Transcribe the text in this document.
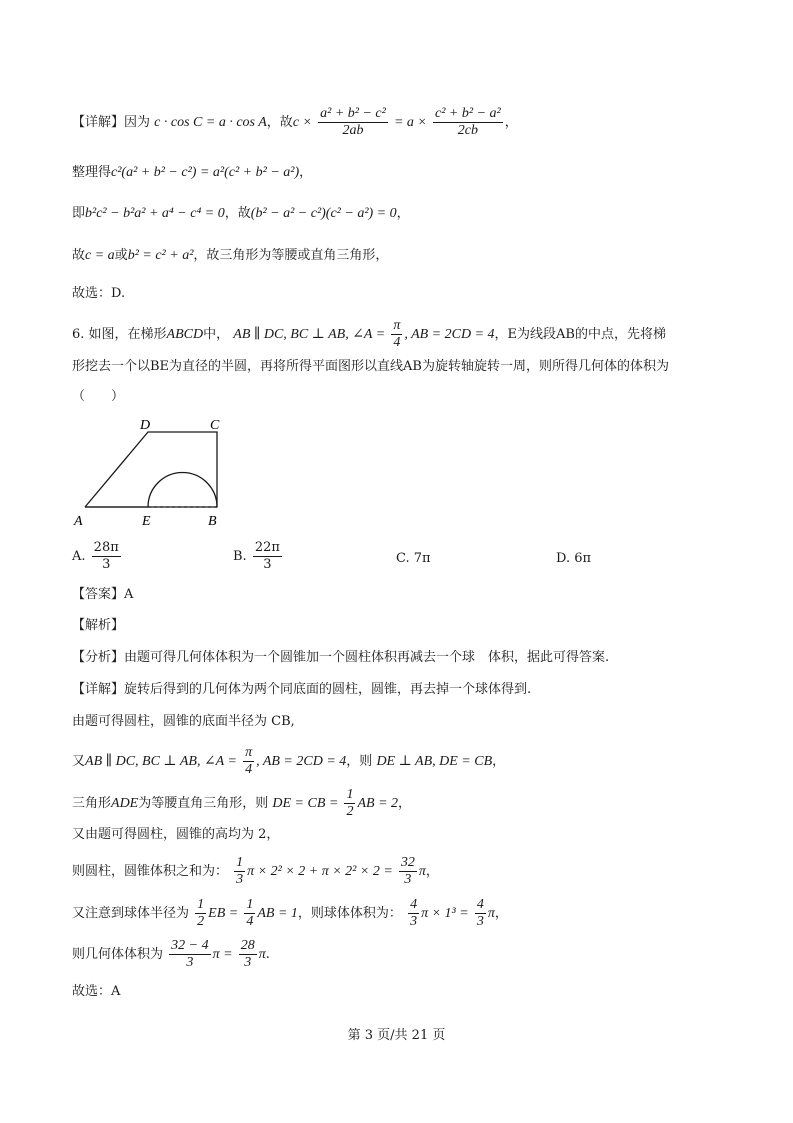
【详解】因为 c · cos C = a · cos A，故$c \times \frac{\text{a² + b² − c²}}{2ab} = a \times \frac{\text{c² + b² − a²}}{2cb}$ ，
整理得c²(a² + b² − c²) = a²(c² + b² − a²)，
即b²c² − b²a² + a⁴ − c⁴ = 0，故(b² − a² − c²)(c² − a²) = 0，
故c = a或b² = c² + a²，故三角形为等腰或直角三角形，
故选：D.
6. 如图，在梯形ABCD中， AB ∥ DC, BC ⊥ AB, ∠A = $\frac{\pi}{4}$ , AB = 2CD = 4，E为线段AB的中点，先将梯
形挖去一个以BE为直径的半圆，再将所得平面图形以直线AB为旋转轴旋转一周，则所得几何体的体积为
（　　）
D	C
A	E	B
A. $\frac{28\pi}{3}$	B. $\frac{22\pi}{3}$	C. 7π	D. 6π
【答案】A
【解析】
【分析】由题可得几何体体积为一个圆锥加一个圆柱体积再减去一个球　体积，据此可得答案.
【详解】旋转后得到的几何体为两个同底面的圆柱，圆锥，再去掉一个球体得到.
由题可得圆柱，圆锥的底面半径为 CB,
又AB ∥ DC, BC ⊥ AB, ∠A = $\frac{\pi}{4}$ , AB = 2CD = 4，则 DE ⊥ AB, DE = CB，
三角形ADE为等腰直角三角形，则 DE = CB = $\frac{1}{2}$ AB = 2，
又由题可得圆柱，圆锥的高均为 2，
则圆柱，圆锥体积之和为： $\frac{1}{3}$ $\pi \times 2^2 \times 2 + \pi \times 2^2 \times 2 = \frac{32}{3}$ π，
又注意到球体半径为 $\frac{1}{2}$ EB = $\frac{1}{4}$ AB = 1，则球体体积为： $\frac{4}{3}$ $\pi \times 1^3 = \frac{4}{3}$ π，
则几何体体积为 $\frac{32 - 4}{3}$ $\pi = \frac{28}{3} \pi$.
故选：A
第 3 页/共 21 页
